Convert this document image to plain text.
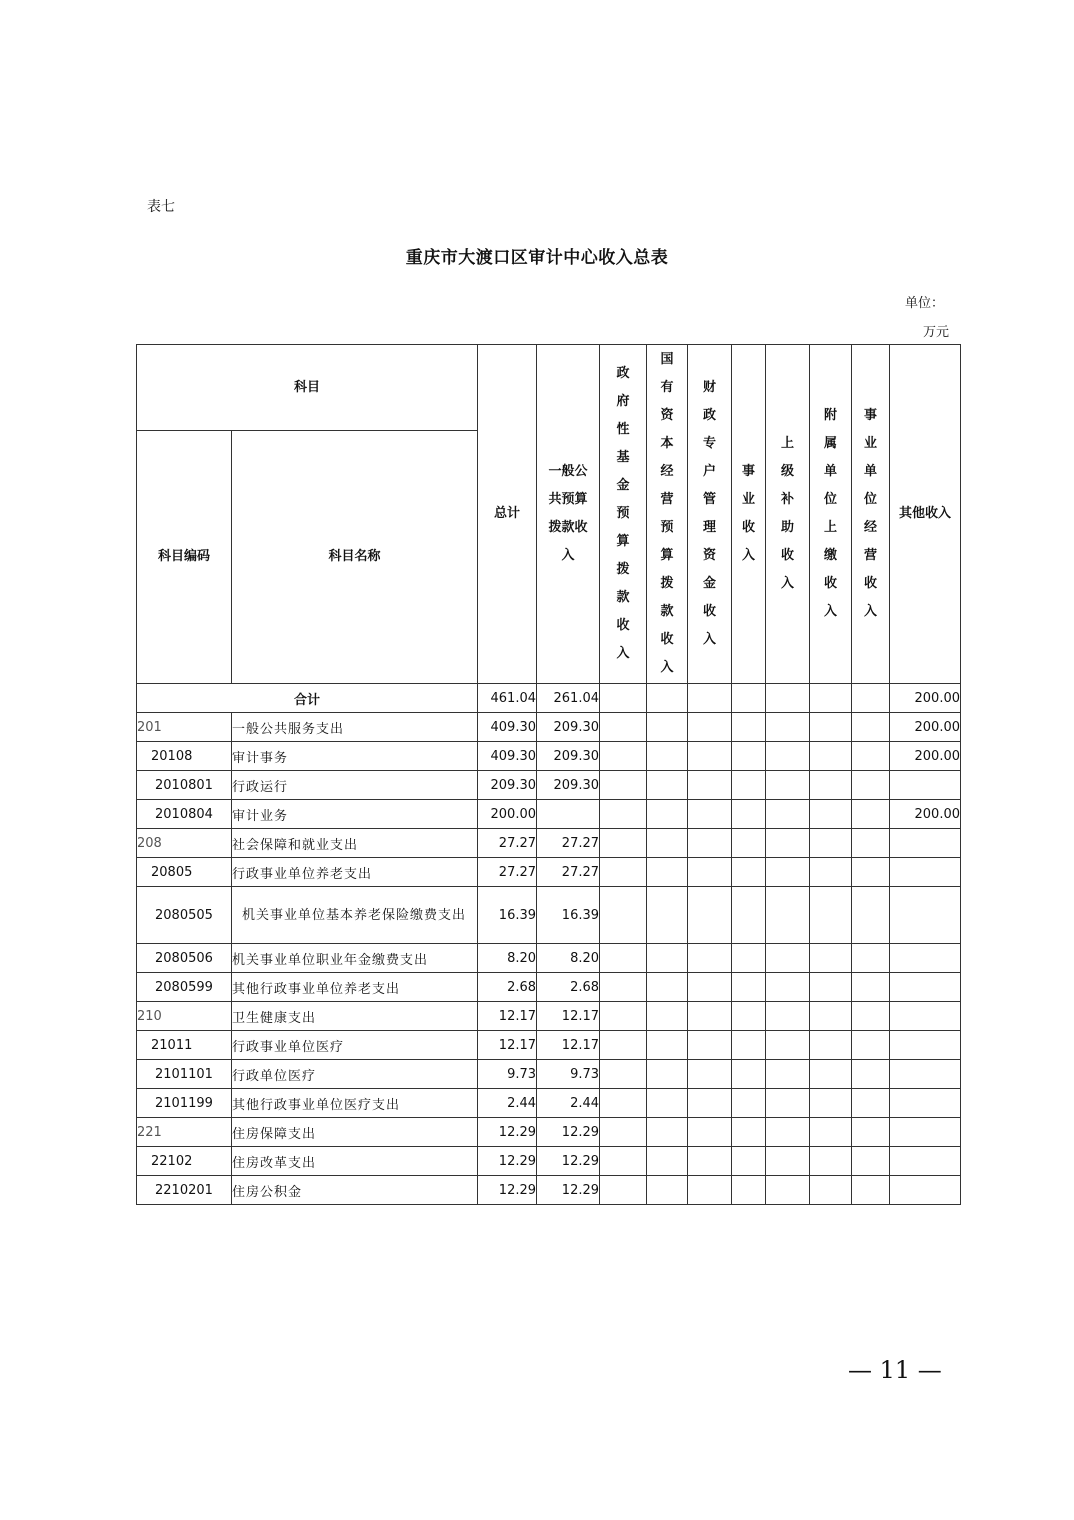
表七
重庆市大渡口区审计中心收入总表
单位：
万元
科目		总计	一般公共预算拨款收入	政府性基金预算拨款收入	国有资本经营预算拨款收入	财政专户管理资金收入	事业收入	上级补助收入	附属单位上缴收入	事业单位经营收入	其他收入
科目编码	科目名称										
合计		461.04	261.04								200.00
201	一般公共服务支出	409.30	209.30								200.00
20108	审计事务	409.30	209.30								200.00
2010801	行政运行	209.30	209.30								
2010804	审计业务	200.00									200.00
208	社会保障和就业支出	27.27	27.27								
20805	行政事业单位养老支出	27.27	27.27								
2080505	机关事业单位基本养老保险缴费支出	16.39	16.39								
2080506	机关事业单位职业年金缴费支出	8.20	8.20								
2080599	其他行政事业单位养老支出	2.68	2.68								
210	卫生健康支出	12.17	12.17								
21011	行政事业单位医疗	12.17	12.17								
2101101	行政单位医疗	9.73	9.73								
2101199	其他行政事业单位医疗支出	2.44	2.44								
221	住房保障支出	12.29	12.29								
22102	住房改革支出	12.29	12.29								
2210201	住房公积金	12.29	12.29								
— 11 —
